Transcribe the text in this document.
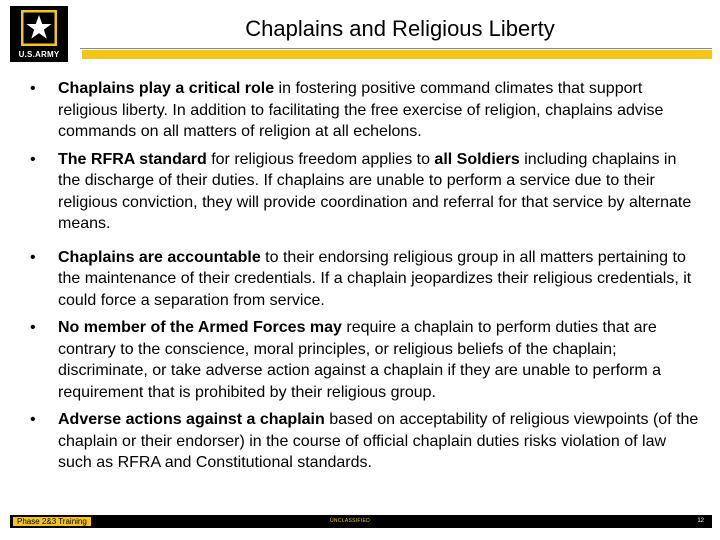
U.S.ARMY
Chaplains and Religious Liberty
• Chaplains play a critical role in fostering positive command climates that support religious liberty. In addition to facilitating the free exercise of religion, chaplains advise commands on all matters of religion at all echelons.
• The RFRA standard for religious freedom applies to all Soldiers including chaplains in the discharge of their duties. If chaplains are unable to perform a service due to their religious conviction, they will provide coordination and referral for that service by alternate means.
• Chaplains are accountable to their endorsing religious group in all matters pertaining to the maintenance of their credentials. If a chaplain jeopardizes their religious credentials, it could force a separation from service.
• No member of the Armed Forces may require a chaplain to perform duties that are contrary to the conscience, moral principles, or religious beliefs of the chaplain; discriminate, or take adverse action against a chaplain if they are unable to perform a requirement that is prohibited by their religious group.
• Adverse actions against a chaplain based on acceptability of religious viewpoints (of the chaplain or their endorser) in the course of official chaplain duties risks violation of law such as RFRA and Constitutional standards.
Phase 2&3 Training	UNCLASSIFIED	12
